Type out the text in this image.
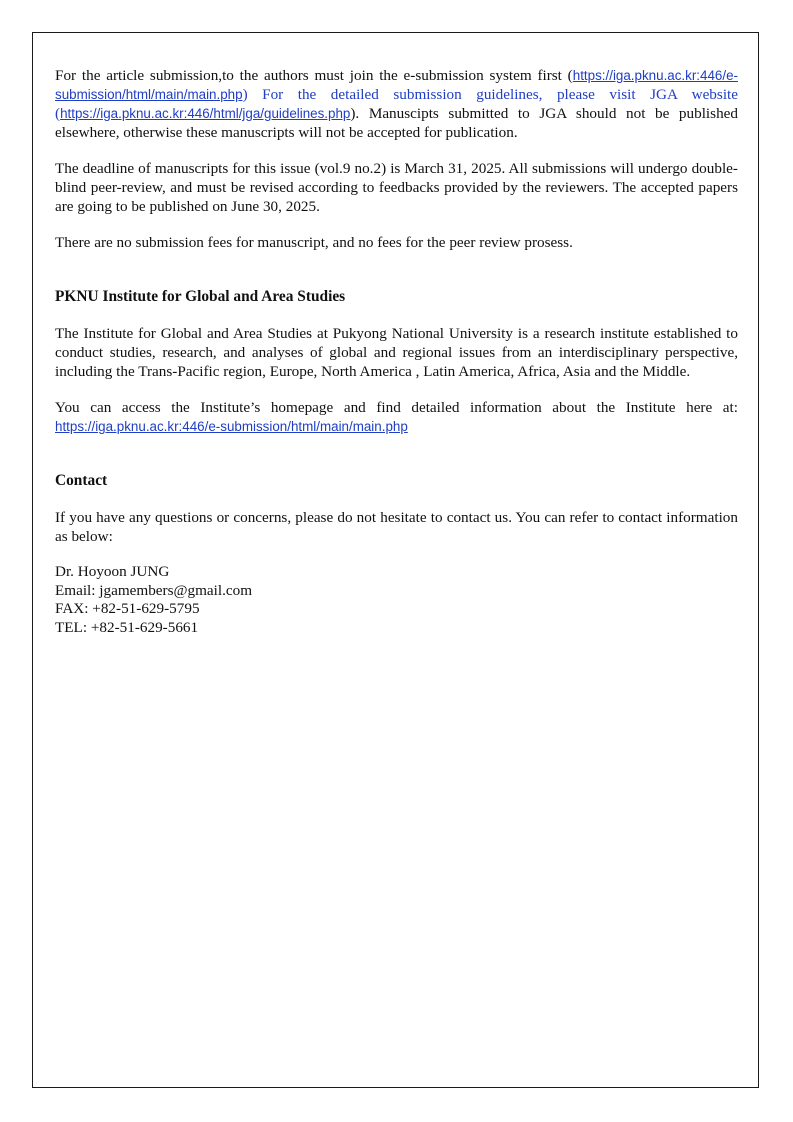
For the article submission,to the authors must join the e-submission system first (https://iga.pknu.ac.kr:446/e-submission/html/main/main.php) For the detailed submission guidelines, please visit JGA website (https://iga.pknu.ac.kr:446/html/jga/guidelines.php). Manuscipts submitted to JGA should not be published elsewhere, otherwise these manuscripts will not be accepted for publication.

The deadline of manuscripts for this issue (vol.9 no.2) is March 31, 2025. All submissions will undergo double-blind peer-review, and must be revised according to feedbacks provided by the reviewers. The accepted papers are going to be published on June 30, 2025.

There are no submission fees for manuscript, and no fees for the peer review prosess.

PKNU Institute for Global and Area Studies

The Institute for Global and Area Studies at Pukyong National University is a research institute established to conduct studies, research, and analyses of global and regional issues from an interdisciplinary perspective, including the Trans-Pacific region, Europe, North America , Latin America, Africa, Asia and the Middle.

You can access the Institute’s homepage and find detailed information about the Institute here at: https://iga.pknu.ac.kr:446/e-submission/html/main/main.php

Contact

If you have any questions or concerns, please do not hesitate to contact us. You can refer to contact information as below:

Dr. Hoyoon JUNG

Email: jgamembers@gmail.com

FAX: +82-51-629-5795

TEL: +82-51-629-5661
